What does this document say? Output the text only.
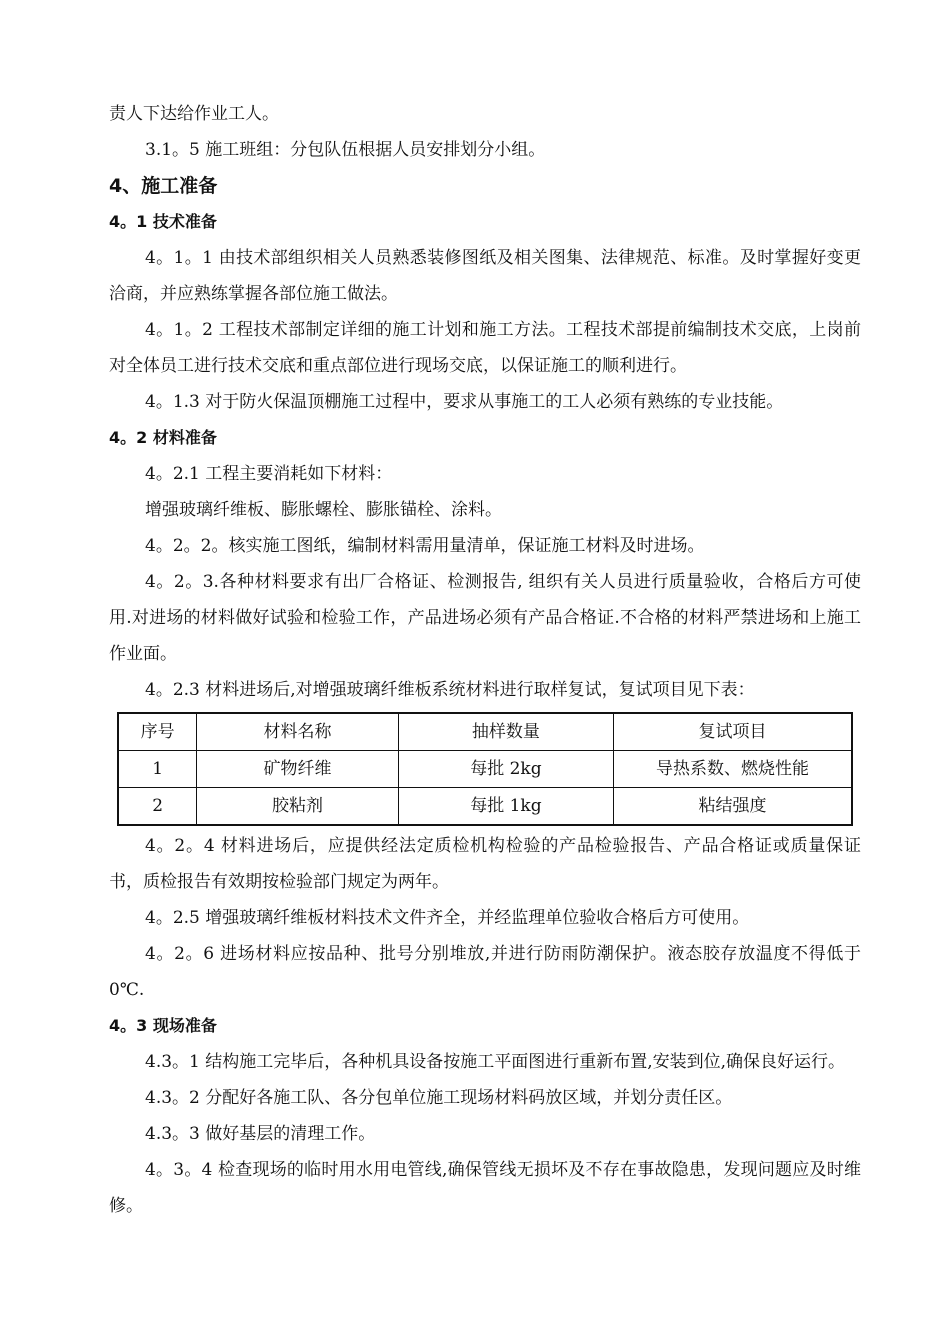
责人下达给作业工人。

3.1。5 施工班组：分包队伍根据人员安排划分小组。

4、施工准备

4。1 技术准备

4。1。1 由技术部组织相关人员熟悉装修图纸及相关图集、法律规范、标准。及时掌握好变更洽商，并应熟练掌握各部位施工做法。

4。1。2 工程技术部制定详细的施工计划和施工方法。工程技术部提前编制技术交底，上岗前对全体员工进行技术交底和重点部位进行现场交底，以保证施工的顺利进行。

4。1.3 对于防火保温顶棚施工过程中，要求从事施工的工人必须有熟练的专业技能。

4。2 材料准备

4。2.1 工程主要消耗如下材料：

增强玻璃纤维板、膨胀螺栓、膨胀锚栓、涂料。

4。2。2。核实施工图纸，编制材料需用量清单，保证施工材料及时进场。

4。2。3.各种材料要求有出厂合格证、检测报告, 组织有关人员进行质量验收，合格后方可使用.对进场的材料做好试验和检验工作，产品进场必须有产品合格证.不合格的材料严禁进场和上施工作业面。

4。2.3 材料进场后,对增强玻璃纤维板系统材料进行取样复试，复试项目见下表：

序号	材料名称	抽样数量	复试项目
1	矿物纤维	每批 2kg	导热系数、燃烧性能
2	胶粘剂	每批 1kg	粘结强度

4。2。4 材料进场后，应提供经法定质检机构检验的产品检验报告、产品合格证或质量保证书，质检报告有效期按检验部门规定为两年。

4。2.5 增强玻璃纤维板材料技术文件齐全，并经监理单位验收合格后方可使用。

4。2。6 进场材料应按品种、批号分别堆放,并进行防雨防潮保护。液态胶存放温度不得低于 0℃.

4。3 现场准备

4.3。1 结构施工完毕后，各种机具设备按施工平面图进行重新布置,安装到位,确保良好运行。

4.3。2 分配好各施工队、各分包单位施工现场材料码放区域，并划分责任区。

4.3。3 做好基层的清理工作。

4。3。4 检查现场的临时用水用电管线,确保管线无损坏及不存在事故隐患，发现问题应及时维修。
